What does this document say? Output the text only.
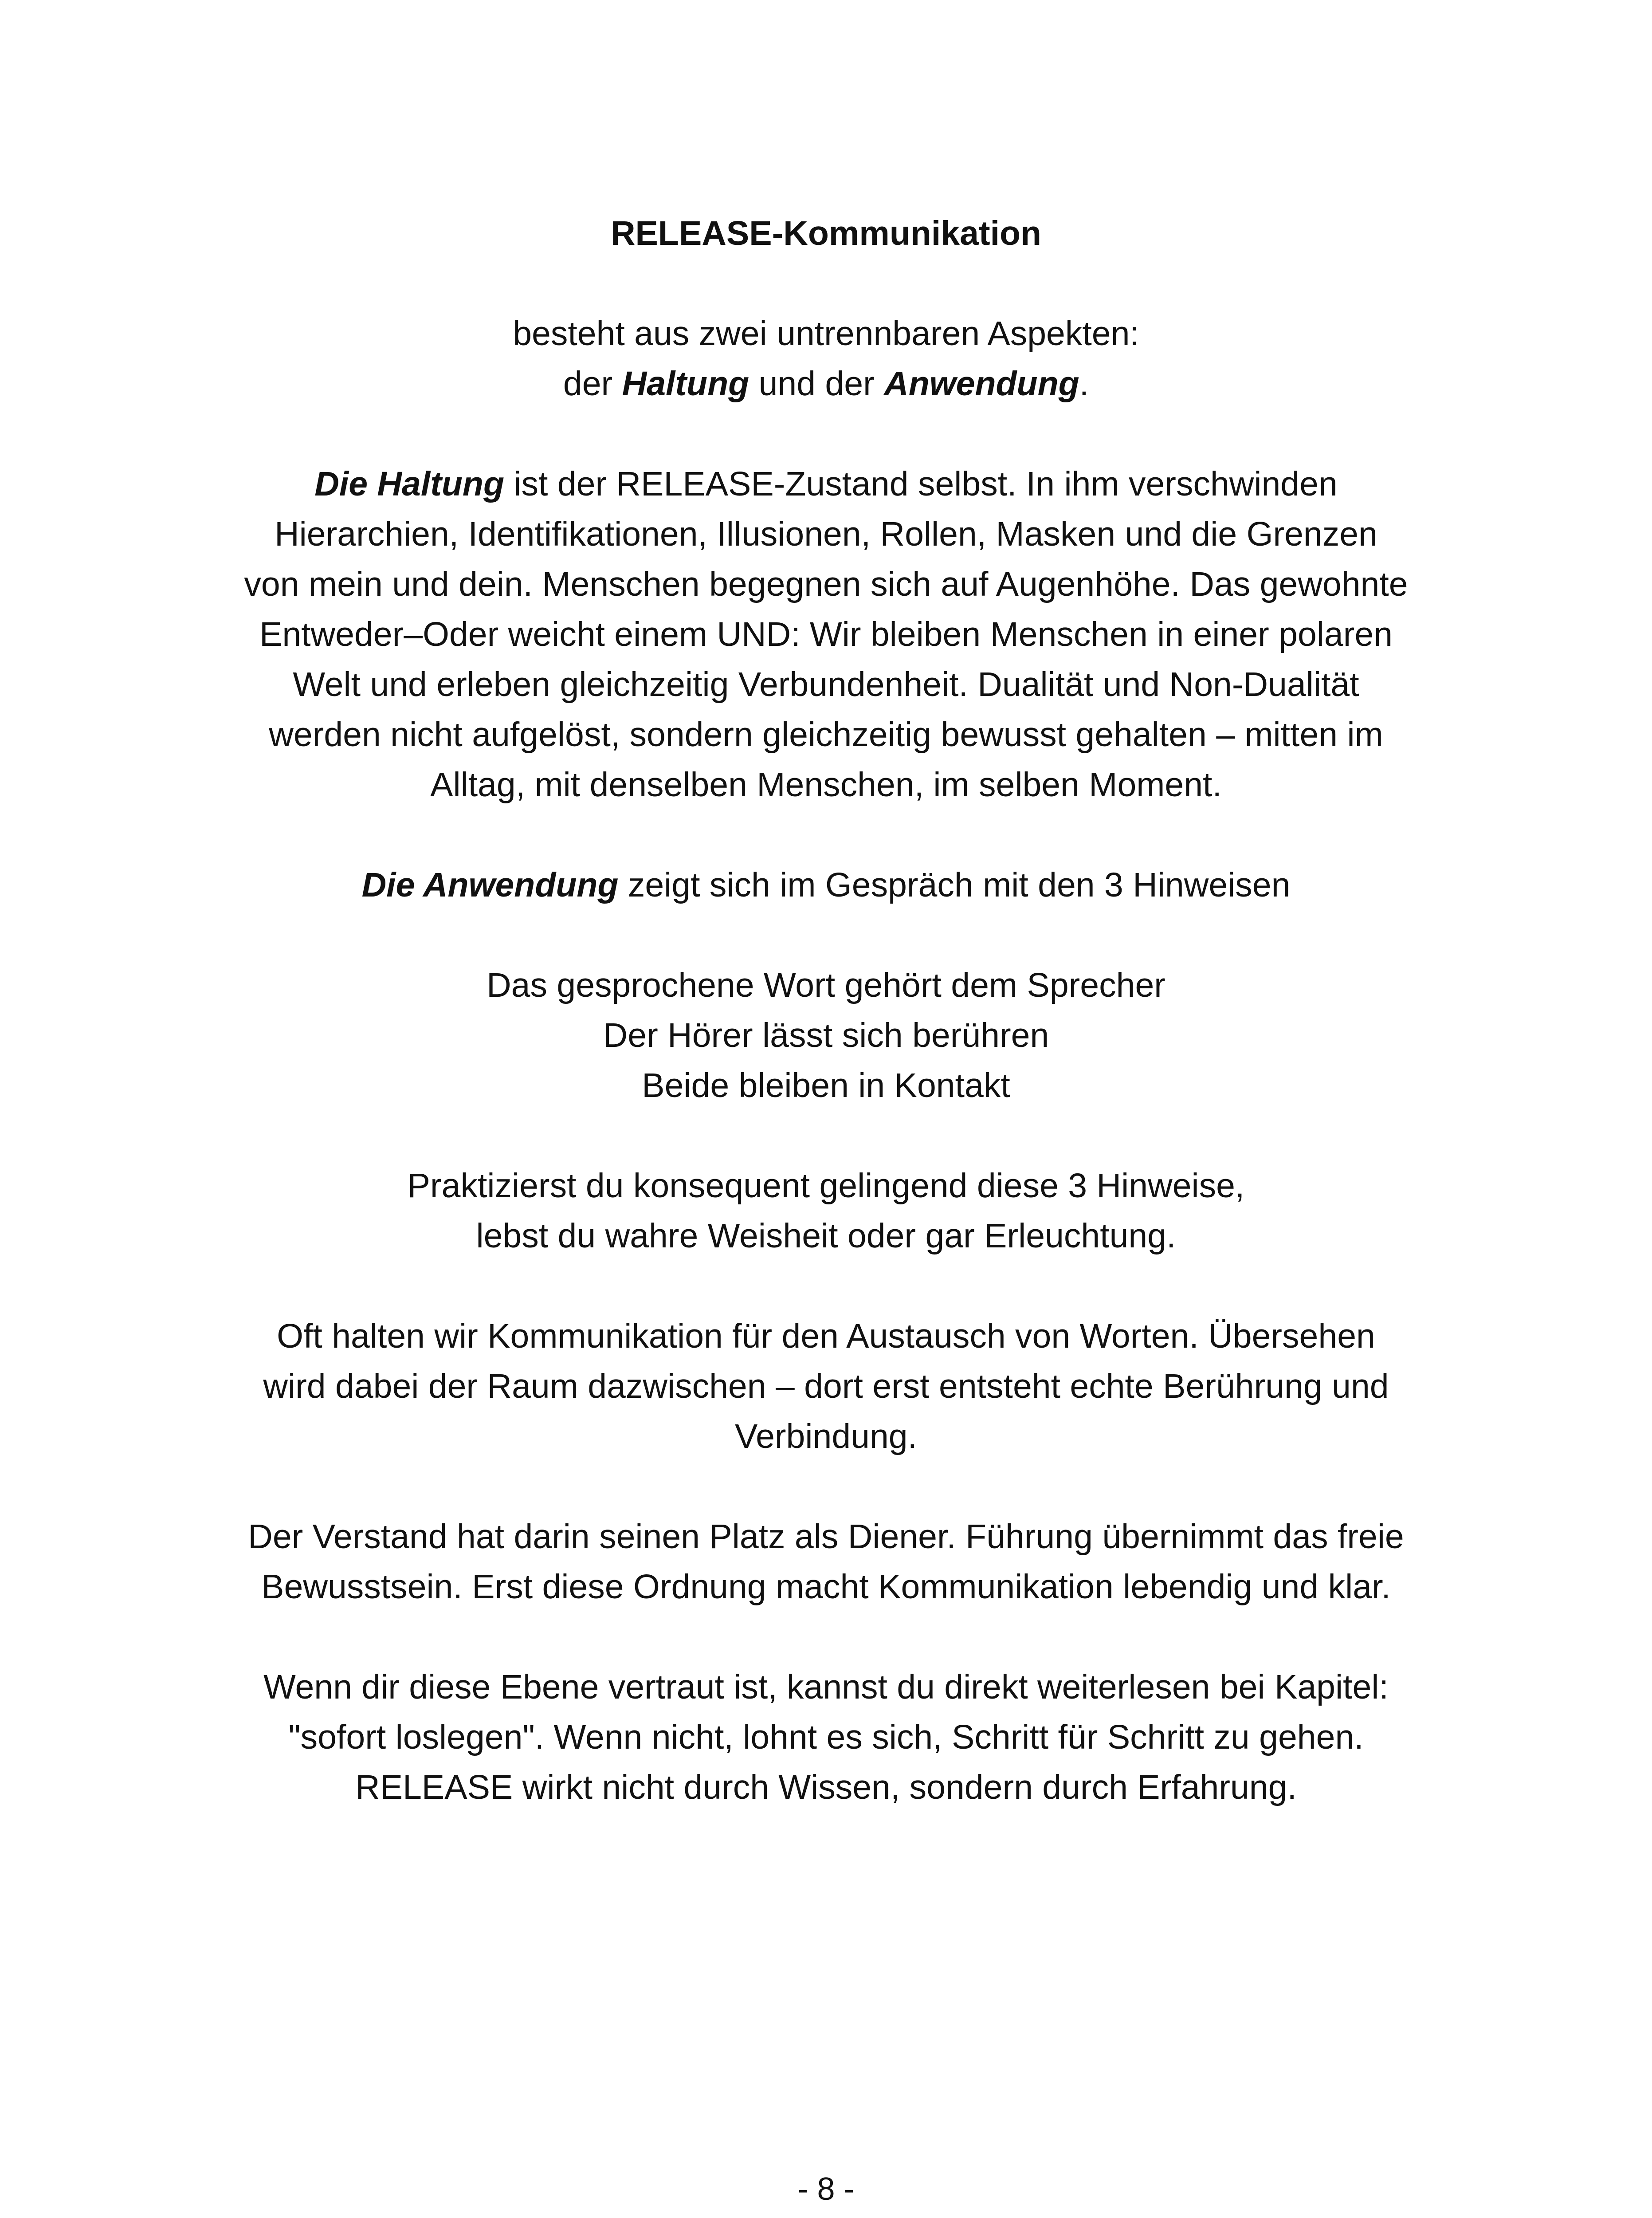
RELEASE-Kommunikation
besteht aus zwei untrennbaren Aspekten:
der Haltung und der Anwendung.
Die Haltung ist der RELEASE-Zustand selbst. In ihm verschwinden
Hierarchien, Identifikationen, Illusionen, Rollen, Masken und die Grenzen
von mein und dein. Menschen begegnen sich auf Augenhöhe. Das gewohnte
Entweder–Oder weicht einem UND: Wir bleiben Menschen in einer polaren
Welt und erleben gleichzeitig Verbundenheit. Dualität und Non-Dualität
werden nicht aufgelöst, sondern gleichzeitig bewusst gehalten – mitten im
Alltag, mit denselben Menschen, im selben Moment.
Die Anwendung zeigt sich im Gespräch mit den 3 Hinweisen
Das gesprochene Wort gehört dem Sprecher
Der Hörer lässt sich berühren
Beide bleiben in Kontakt
Praktizierst du konsequent gelingend diese 3 Hinweise,
lebst du wahre Weisheit oder gar Erleuchtung.
Oft halten wir Kommunikation für den Austausch von Worten. Übersehen
wird dabei der Raum dazwischen – dort erst entsteht echte Berührung und
Verbindung.
Der Verstand hat darin seinen Platz als Diener. Führung übernimmt das freie
Bewusstsein. Erst diese Ordnung macht Kommunikation lebendig und klar.
Wenn dir diese Ebene vertraut ist, kannst du direkt weiterlesen bei Kapitel:
"sofort loslegen". Wenn nicht, lohnt es sich, Schritt für Schritt zu gehen.
RELEASE wirkt nicht durch Wissen, sondern durch Erfahrung.
- 8 -
